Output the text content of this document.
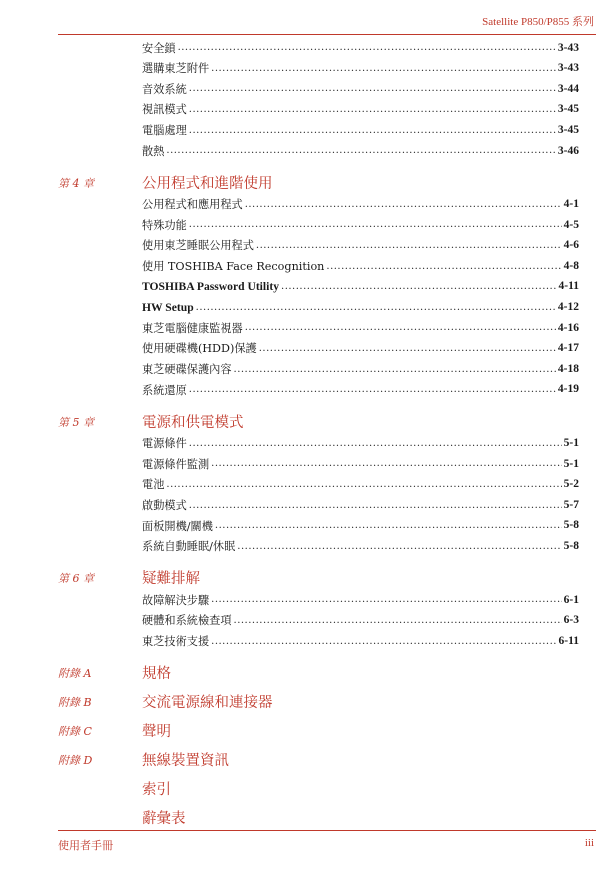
Satellite P850/P855 系列
安全鎖 .....	3-43
選購東芝附件 .....	3-43
音效系統 .....	3-44
視訊模式 .....	3-45
電腦處理 .....	3-45
散熱 .....	3-46
第 4 章	公用程式和進階使用
公用程式和應用程式 .....	4-1
特殊功能 .....	4-5
使用東芝睡眠公用程式 .....	4-6
使用 TOSHIBA Face Recognition .....	4-8
TOSHIBA Password Utility .....	4-11
HW Setup .....	4-12
東芝電腦健康監視器 .....	4-16
使用硬碟機(HDD)保護 .....	4-17
東芝硬碟保護內容 .....	4-18
系統還原 .....	4-19
第 5 章	電源和供電模式
電源條件 .....	5-1
電源條件監測 .....	5-1
電池 .....	5-2
啟動模式 .....	5-7
面板開機/關機 .....	5-8
系統自動睡眠/休眠 .....	5-8
第 6 章	疑難排解
故障解決步驟 .....	6-1
硬體和系統檢查項 .....	6-3
東芝技術支援 .....	6-11
附錄 A	規格
附錄 B	交流電源線和連接器
附錄 C	聲明
附錄 D	無線裝置資訊
索引
辭彙表
使用者手冊	iii
